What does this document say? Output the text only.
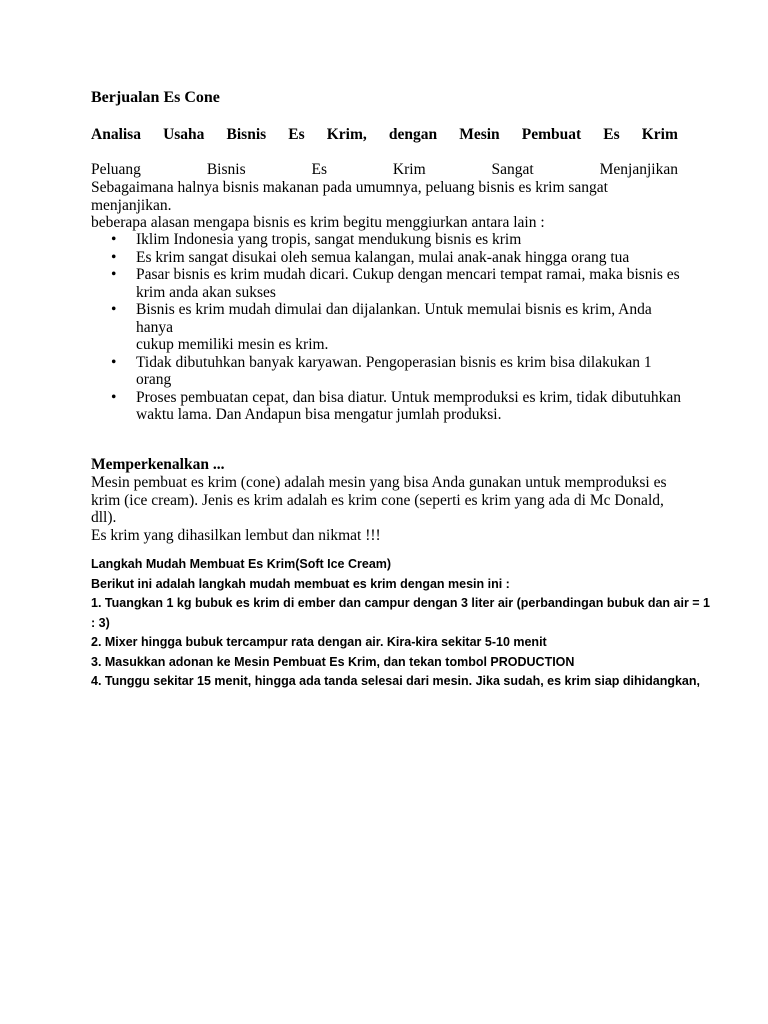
Berjualan Es Cone
Analisa Usaha Bisnis Es Krim, dengan Mesin Pembuat Es Krim
Peluang	Bisnis	Es	Krim	Sangat	Menjanjikan
Sebagaimana halnya bisnis makanan pada umumnya, peluang bisnis es krim sangat menjanjikan.
beberapa alasan mengapa bisnis es krim begitu menggiurkan antara lain :
• Iklim Indonesia yang tropis, sangat mendukung bisnis es krim
• Es krim sangat disukai oleh semua kalangan, mulai anak-anak hingga orang tua
• Pasar bisnis es krim mudah dicari. Cukup dengan mencari tempat ramai, maka bisnis es
krim anda akan sukses
• Bisnis es krim mudah dimulai dan dijalankan. Untuk memulai bisnis es krim, Anda hanya
cukup memiliki mesin es krim.
• Tidak dibutuhkan banyak karyawan. Pengoperasian bisnis es krim bisa dilakukan 1 orang
• Proses pembuatan cepat, dan bisa diatur. Untuk memproduksi es krim, tidak dibutuhkan
waktu lama. Dan Andapun bisa mengatur jumlah produksi.
Memperkenalkan ...
Mesin pembuat es krim (cone) adalah mesin yang bisa Anda gunakan untuk memproduksi es
krim (ice cream). Jenis es krim adalah es krim cone (seperti es krim yang ada di Mc Donald, dll).
Es krim yang dihasilkan lembut dan nikmat !!!
Langkah Mudah Membuat Es Krim(Soft Ice Cream)
Berikut ini adalah langkah mudah membuat es krim dengan mesin ini :
1. Tuangkan 1 kg bubuk es krim di ember dan campur dengan 3 liter air (perbandingan bubuk dan air = 1
: 3)
2. Mixer hingga bubuk tercampur rata dengan air. Kira-kira sekitar 5-10 menit
3. Masukkan adonan ke Mesin Pembuat Es Krim, dan tekan tombol PRODUCTION
4. Tunggu sekitar 15 menit, hingga ada tanda selesai dari mesin. Jika sudah, es krim siap dihidangkan,
